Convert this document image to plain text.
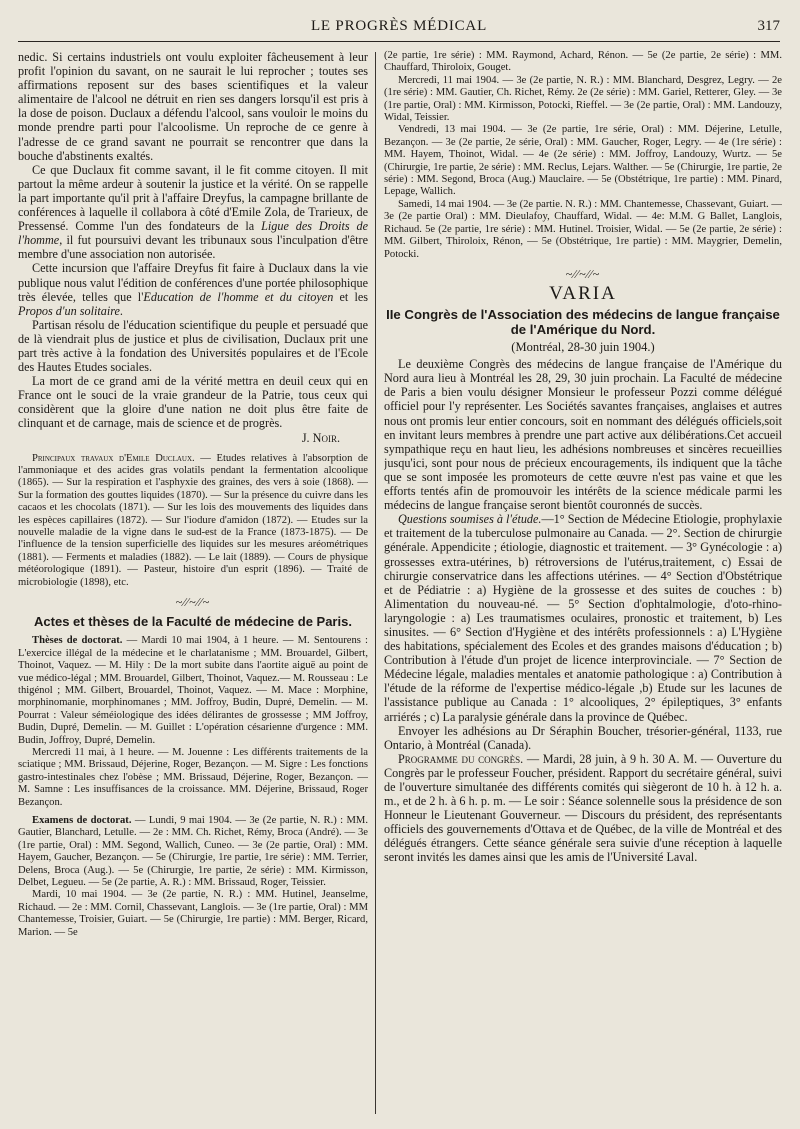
LE PROGRÈS MÉDICAL	317

nedic. Si certains industriels ont voulu exploiter fâcheusement à leur profit l'opinion du savant, on ne saurait le lui reprocher ; toutes ses affirmations reposent sur des bases scientifiques et la valeur alimentaire de l'alcool ne détruit en rien ses dangers lorsqu'il est pris à la dose de poison. Duclaux a défendu l'alcool, sans vouloir le moins du monde prendre parti pour l'alcoolisme. Un reproche de ce genre à l'adresse de ce grand savant ne pourrait se rencontrer que dans la bouche d'abstinents exaltés.

Ce que Duclaux fit comme savant, il le fit comme citoyen. Il mit partout la même ardeur à soutenir la justice et la vérité. On se rappelle la part importante qu'il prit à l'affaire Dreyfus, la campagne brillante de conférences à laquelle il collabora à côté d'Emile Zola, de Trarieux, de Pressensé. Comme l'un des fondateurs de la Ligue des Droits de l'homme, il fut poursuivi devant les tribunaux sous l'inculpation d'être membre d'une association non autorisée.

Cette incursion que l'affaire Dreyfus fit faire à Duclaux dans la vie publique nous valut l'édition de conférences d'une portée philosophique très élevée, telles que l'Education de l'homme et du citoyen et les Propos d'un solitaire.

Partisan résolu de l'éducation scientifique du peuple et persuadé que de là viendrait plus de justice et plus de civilisation, Duclaux prit une part très active à la fondation des Universités populaires et de l'Ecole des Hautes Etudes sociales.

La mort de ce grand ami de la vérité mettra en deuil ceux qui en France ont le souci de la vraie grandeur de la Patrie, tous ceux qui considèrent que la gloire d'une nation ne doit plus être faite de clinquant et de carnage, mais de science et de progrès.

J. Noir.

Principaux travaux d'Emile Duclaux. — Etudes relatives à l'absorption de l'ammoniaque et des acides gras volatils pendant la fermentation alcoolique (1865). — Sur la respiration et l'asphyxie des graines, des vers à soie (1868). — Sur la formation des gouttes liquides (1870). — Sur la présence du cuivre dans les cacaos et les chocolats (1871). — Sur les lois des mouvements des liquides dans les espèces capillaires (1872). — Sur l'iodure d'amidon (1872). — Etudes sur la nouvelle maladie de la vigne dans le sud-est de la France (1873-1875). — De l'influence de la tension superficielle des liquides sur les mesures aréométriques (1881). — Ferments et maladies (1882). — Le lait (1889). — Cours de physique météorologique (1891). — Pasteur, histoire d'un esprit (1896). — Traité de microbiologie (1898), etc.

~∕∕~∕∕~
Actes et thèses de la Faculté de médecine de Paris.

Thèses de doctorat. — Mardi 10 mai 1904, à 1 heure. — M. Sentourens : L'exercice illégal de la médecine et le charlatanisme ; MM. Brouardel, Gilbert, Thoinot, Vaquez. — M. Hily : De la mort subite dans l'aortite aiguë au point de vue médico-légal ; MM. Brouardel, Gilbert, Thoinot, Vaquez.— M. Rousseau : Le thigénol ; MM. Gilbert, Brouardel, Thoinot, Vaquez. — M. Mace : Morphine, morphinomanie, morphinomanes ; MM. Joffroy, Budin, Dupré, Demelin. — M. Pourrat : Valeur séméiologique des idées délirantes de grossesse ; MM Joffroy, Budin, Dupré, Demelin. — M. Guillet : L'opération césarienne d'urgence : MM. Budin, Joffroy, Dupré, Demelin.

Mercredi 11 mai, à 1 heure. — M. Jouenne : Les différents traitements de la sciatique ; MM. Brissaud, Déjerine, Roger, Bezançon. — M. Sigre : Les fonctions gastro-intestinales chez l'obèse ; MM. Brissaud, Déjerine, Roger, Bezançon. — M. Samne : Les insuffisances de la croissance. MM. Déjerine, Brissaud, Roger Bezançon.

Examens de doctorat. — Lundi, 9 mai 1904. — 3e (2e partie, N. R.) : MM. Gautier, Blanchard, Letulle. — 2e : MM. Ch. Richet, Rémy, Broca (André). — 3e (1re partie, Oral) : MM. Segond, Wallich, Cuneo. — 3e (2e partie, Oral) : MM. Hayem, Gaucher, Bezançon. — 5e (Chirurgie, 1re partie, 1re série) : MM. Terrier, Delens, Broca (Aug.). — 5e (Chirurgie, 1re partie, 2e série) : MM. Kirmisson, Delbet, Legueu. — 5e (2e partie, A. R.) : MM. Brissaud, Roger, Teissier.

Mardi, 10 mai 1904. — 3e (2e partie, N. R.) : MM. Hutinel, Jeanselme, Richaud. — 2e : MM. Cornil, Chassevant, Langlois. — 3e (1re partie, Oral) : MM Chantemesse, Troisier, Guiart. — 5e (Chirurgie, 1re partie) : MM. Berger, Ricard, Marion. — 5e

(2e partie, 1re série) : MM. Raymond, Achard, Rénon. — 5e (2e partie, 2e série) : MM. Chauffard, Thiroloix, Gouget.

Mercredi, 11 mai 1904. — 3e (2e partie, N. R.) : MM. Blanchard, Desgrez, Legry. — 2e (1re série) : MM. Gautier, Ch. Richet, Rémy. 2e (2e série) : MM. Gariel, Retterer, Gley. — 3e (1re partie, Oral) : MM. Kirmisson, Potocki, Rieffel. — 3e (2e partie, Oral) : MM. Landouzy, Widal, Teissier.

Vendredi, 13 mai 1904. — 3e (2e partie, 1re série, Oral) : MM. Déjerine, Letulle, Bezançon. — 3e (2e partie, 2e série, Oral) : MM. Gaucher, Roger, Legry. — 4e (1re série) : MM. Hayem, Thoinot, Widal. — 4e (2e série) : MM. Joffroy, Landouzy, Wurtz. — 5e (Chirurgie, 1re partie, 2e série) : MM. Reclus, Lejars. Walther. — 5e (Chirurgie, 1re partie, 2e série) : MM. Segond, Broca (Aug.) Mauclaire. — 5e (Obstétrique, 1re partie) : MM. Pinard, Lepage, Wallich.

Samedi, 14 mai 1904. — 3e (2e partie. N. R.) : MM. Chantemesse, Chassevant, Guiart. — 3e (2e partie Oral) : MM. Dieulafoy, Chauffard, Widal. — 4e: M.M. G Ballet, Langlois, Richaud. 5e (2e partie, 1re série) : MM. Hutinel. Troisier, Widal. — 5e (2e partie, 2e série) : MM. Gilbert, Thiroloix, Rénon, — 5e (Obstétrique, 1re partie) : MM. Maygrier, Demelin, Potocki.

~∕∕~∕∕~
VARIA
IIe Congrès de l'Association des médecins de langue française de l'Amérique du Nord.
(Montréal, 28-30 juin 1904.)

Le deuxième Congrès des médecins de langue française de l'Amérique du Nord aura lieu à Montréal les 28, 29, 30 juin prochain. La Faculté de médecine de Paris a bien voulu désigner Monsieur le professeur Pozzi comme délégué officiel pour l'y représenter. Les Sociétés savantes françaises, anglaises et autres nous ont promis leur entier concours, soit en nommant des délégués officiels,soit en invitant leurs membres à prendre une part active aux délibérations.Cet accueil sympathique reçu en haut lieu, les adhésions nombreuses et sincères recueillies jusqu'ici, sont pour nous de précieux encouragements, ils indiquent que la tâche que se sont imposée les promoteurs de cette œuvre n'est pas vaine et que les efforts tentés afin de promouvoir les intérêts de la science médicale parmi les médecins de langue française seront bientôt couronnés de succès.

Questions soumises à l'étude.—1° Section de Médecine Etiologie, prophylaxie et traitement de la tuberculose pulmonaire au Canada. — 2°. Section de chirurgie générale. Appendicite ; étiologie, diagnostic et traitement. — 3° Gynécologie : a) grossesses extra-utérines, b) rétroversions de l'utérus,traitement, c) Essai de chirurgie conservatrice dans les affections utérines. — 4° Section d'Obstétrique et de Pédiatrie : a) Hygiène de la grossesse et des suites de couches : b) Alimentation du nouveau-né. — 5° Section d'ophtalmologie, d'oto-rhino-laryngologie : a) Les traumatismes oculaires, pronostic et traitement, b) Les sinusites. — 6° Section d'Hygiène et des intérêts professionnels : a) L'Hygiène des habitations, spécialement des Ecoles et des grandes maisons d'éducation ; b) Contribution à l'étude d'un projet de licence interprovinciale. — 7° Section de Médecine légale, maladies mentales et anatomie pathologique : a) Contribution à l'étude de la réforme de l'expertise médico-légale ,b) Etude sur les lacunes de l'assistance publique au Canada : 1° alcooliques, 2° épileptiques, 3° enfants arriérés ; c) La paralysie générale dans la province de Québec.

Envoyer les adhésions au Dr Séraphin Boucher, trésorier-général, 1133, rue Ontario, à Montréal (Canada).

Programme du congrès. — Mardi, 28 juin, à 9 h. 30 A. M. — Ouverture du Congrès par le professeur Foucher, président. Rapport du secrétaire général, suivi de l'ouverture simultanée des différents comités qui siègeront de 10 h. à 12 h. a. m., et de 2 h. à 6 h. p. m. — Le soir : Séance solennelle sous la présidence de son Honneur le Lieutenant Gouverneur. — Discours du président, des représentants officiels des gouvernements d'Ottava et de Québec, de la ville de Montréal et des délégués étrangers. Cette séance générale sera suivie d'une réception à laquelle seront invités les dames ainsi que les amis de l'Université Laval.
